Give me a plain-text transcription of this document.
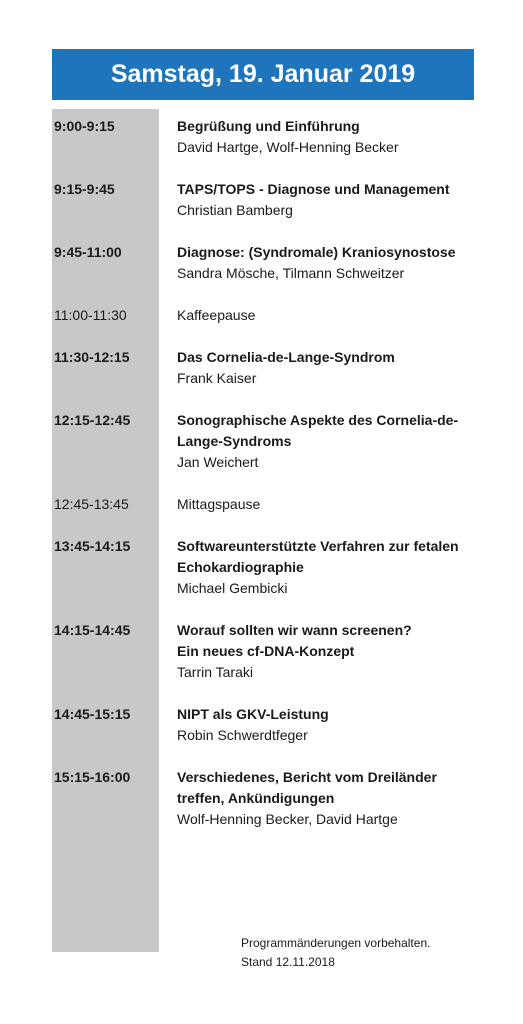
Samstag, 19. Januar 2019
9:00-9:15	Begrüßung und Einführung
David Hartge, Wolf-Henning Becker
9:15-9:45	TAPS/TOPS - Diagnose und Management
Christian Bamberg
9:45-11:00	Diagnose: (Syndromale) Kraniosynostose
Sandra Mösche, Tilmann Schweitzer
11:00-11:30	Kaffeepause
11:30-12:15	Das Cornelia-de-Lange-Syndrom
Frank Kaiser
12:15-12:45	Sonographische Aspekte des Cornelia-de-
Lange-Syndroms
Jan Weichert
12:45-13:45	Mittagspause
13:45-14:15	Softwareunterstützte Verfahren zur fetalen
Echokardiographie
Michael Gembicki
14:15-14:45	Worauf sollten wir wann screenen?
Ein neues cf-DNA-Konzept
Tarrin Taraki
14:45-15:15	NIPT als GKV-Leistung
Robin Schwerdtfeger
15:15-16:00	Verschiedenes, Bericht vom Dreiländer
treffen, Ankündigungen
Wolf-Henning Becker, David Hartge
Programmänderungen vorbehalten.
Stand 12.11.2018
